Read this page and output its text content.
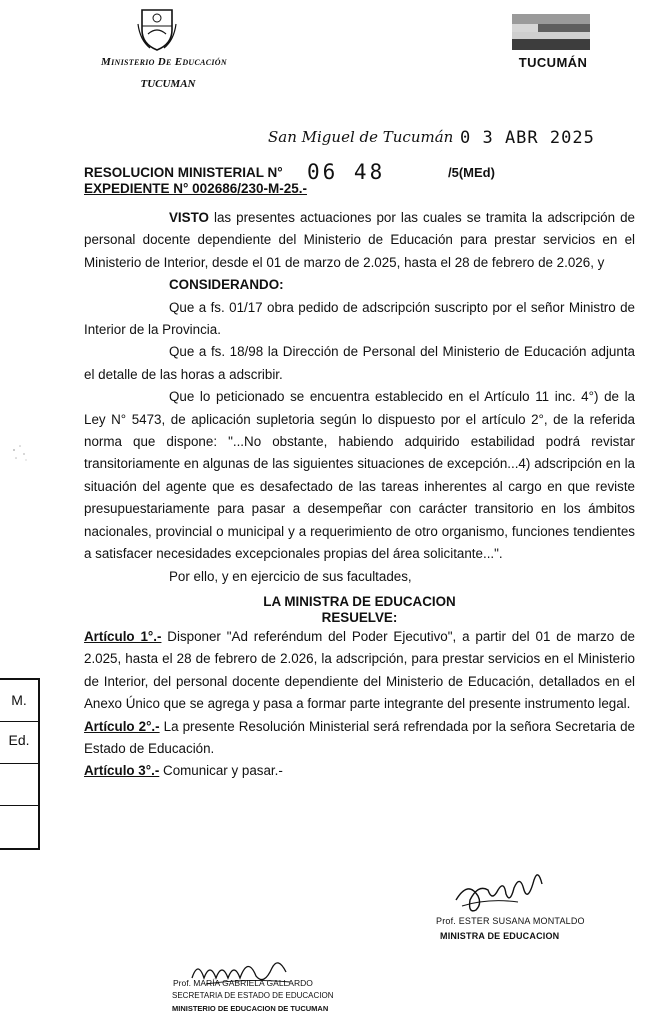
Ministerio De Educación
TUCUMAN
TUCUMÁN
San Miguel de Tucumán 0 3 ABR 2025
RESOLUCION MINISTERIAL N° 06 48	/5(MEd)
EXPEDIENTE N° 002686/230-M-25.-

VISTO las presentes actuaciones por las cuales se tramita la adscripción de personal docente dependiente del Ministerio de Educación para prestar servicios en el Ministerio de Interior, desde el 01 de marzo de 2.025, hasta el 28 de febrero de 2.026, y

CONSIDERANDO:

Que a fs. 01/17 obra pedido de adscripción suscripto por el señor Ministro de Interior de la Provincia.

Que a fs. 18/98 la Dirección de Personal del Ministerio de Educación adjunta el detalle de las horas a adscribir.

Que lo peticionado se encuentra establecido en el Artículo 11 inc. 4°) de la Ley N° 5473, de aplicación supletoria según lo dispuesto por el artículo 2°, de la referida norma que dispone: "...No obstante, habiendo adquirido estabilidad podrá revistar transitoriamente en algunas de las siguientes situaciones de excepción...4) adscripción en la situación del agente que es desafectado de las tareas inherentes al cargo en que reviste presupuestariamente para pasar a desempeñar con carácter transitorio en los ámbitos nacionales, provincial o municipal y a requerimiento de otro organismo, funciones tendientes a satisfacer necesidades excepcionales propias del área solicitante...".

Por ello, y en ejercicio de sus facultades,

LA MINISTRA DE EDUCACION
RESUELVE:

Artículo 1°.- Disponer "Ad referéndum del Poder Ejecutivo", a partir del 01 de marzo de 2.025, hasta el 28 de febrero de 2.026, la adscripción, para prestar servicios en el Ministerio de Interior, del personal docente dependiente del Ministerio de Educación, detallados en el Anexo Único que se agrega y pasa a formar parte integrante del presente instrumento legal.

Artículo 2°.- La presente Resolución Ministerial será refrendada por la señora Secretaria de Estado de Educación.

Artículo 3°.- Comunicar y pasar.-

M. Ed.
Prof. ESTER SUSANA MONTALDO
MINISTRA DE EDUCACION
Prof. MARÍA GABRIELA GALLARDO
SECRETARIA DE ESTADO DE EDUCACION
MINISTERIO DE EDUCACION DE TUCUMAN
